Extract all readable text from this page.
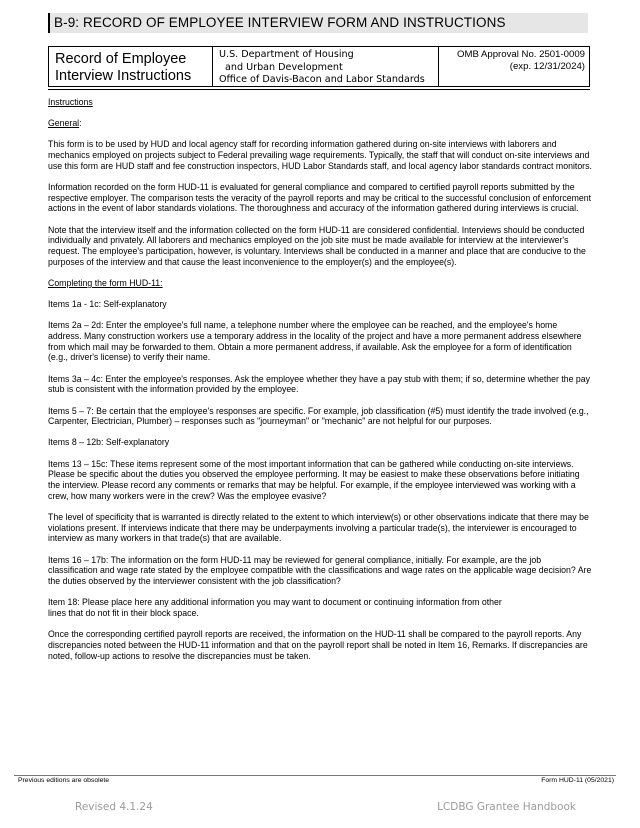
B-9: RECORD OF EMPLOYEE INTERVIEW FORM AND INSTRUCTIONS
Record of Employee
Interview Instructions
U.S. Department of Housing
and Urban Development
Office of Davis-Bacon and Labor Standards
OMB Approval No. 2501-0009
(exp. 12/31/2024)

Instructions

General:

This form is to be used by HUD and local agency staff for recording information gathered during on-site interviews with laborers and mechanics employed on projects subject to Federal prevailing wage requirements. Typically, the staff that will conduct on-site interviews and use this form are HUD staff and fee construction inspectors, HUD Labor Standards staff, and local agency labor standards contract monitors.

Information recorded on the form HUD-11 is evaluated for general compliance and compared to certified payroll reports submitted by the respective employer. The comparison tests the veracity of the payroll reports and may be critical to the successful conclusion of enforcement actions in the event of labor standards violations. The thoroughness and accuracy of the information gathered during interviews is crucial.

Note that the interview itself and the information collected on the form HUD-11 are considered confidential. Interviews should be conducted individually and privately. All laborers and mechanics employed on the job site must be made available for interview at the interviewer's request. The employee's participation, however, is voluntary. Interviews shall be conducted in a manner and place that are conducive to the purposes of the interview and that cause the least inconvenience to the employer(s) and the employee(s).

Completing the form HUD-11:

Items 1a - 1c: Self-explanatory

Items 2a – 2d: Enter the employee's full name, a telephone number where the employee can be reached, and the employee's home address. Many construction workers use a temporary address in the locality of the project and have a more permanent address elsewhere from which mail may be forwarded to them. Obtain a more permanent address, if available. Ask the employee for a form of identification (e.g., driver's license) to verify their name.

Items 3a – 4c: Enter the employee's responses. Ask the employee whether they have a pay stub with them; if so, determine whether the pay stub is consistent with the information provided by the employee.

Items 5 – 7: Be certain that the employee's responses are specific. For example, job classification (#5) must identify the trade involved (e.g., Carpenter, Electrician, Plumber) – responses such as "journeyman" or "mechanic" are not helpful for our purposes.

Items 8 – 12b: Self-explanatory

Items 13 – 15c: These items represent some of the most important information that can be gathered while conducting on-site interviews. Please be specific about the duties you observed the employee performing. It may be easiest to make these observations before initiating the interview. Please record any comments or remarks that may be helpful. For example, if the employee interviewed was working with a crew, how many workers were in the crew? Was the employee evasive?

The level of specificity that is warranted is directly related to the extent to which interview(s) or other observations indicate that there may be violations present. If interviews indicate that there may be underpayments involving a particular trade(s), the interviewer is encouraged to interview as many workers in that trade(s) that are available.

Items 16 – 17b: The information on the form HUD-11 may be reviewed for general compliance, initially. For example, are the job classification and wage rate stated by the employee compatible with the classifications and wage rates on the applicable wage decision? Are the duties observed by the interviewer consistent with the job classification?

Item 18: Please place here any additional information you may want to document or continuing information from other
lines that do not fit in their block space.

Once the corresponding certified payroll reports are received, the information on the HUD-11 shall be compared to the payroll reports. Any discrepancies noted between the HUD-11 information and that on the payroll report shall be noted in Item 16, Remarks. If discrepancies are noted, follow-up actions to resolve the discrepancies must be taken.

Previous editions are obsolete	Form HUD-11 (05/2021)
Revised 4.1.24	LCDBG Grantee Handbook
